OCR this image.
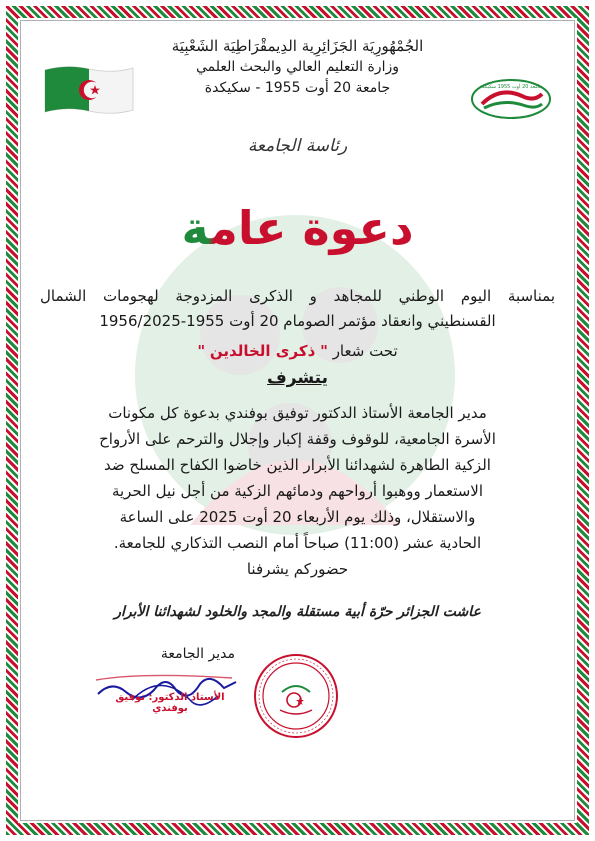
الجُمْهُورِيَة الجَزَائِرِية الدِيمقْرَاطِيَة الشَعْبِيَة
وزارة التعليم العالي والبحث العلمي
جامعة 20 أوت 1955 - سكيكدة	جامعة 20 أوت 1955 سكيكدة
رئاسة الجامعة
دعوة عامة
بمناسبة اليوم الوطني للمجاهد و الذكرى المزدوجة لهجومات الشمال
القسنطيني وانعقاد مؤتمر الصومام 20 أوت 1955-1956/2025
تحت شعار " ذكرى الخالدين "
يتشرف
مدير الجامعة الأستاذ الدكتور توفيق بوفندي بدعوة كل مكونات
الأسرة الجامعية، للوقوف وقفة إكبار وإجلال والترحم على الأرواح
الزكية الطاهرة لشهدائنا الأبرار الذين خاضوا الكفاح المسلح ضد
الاستعمار ووهبوا أرواحهم ودمائهم الزكية من أجل نيل الحرية
والاستقلال، وذلك يوم الأربعاء 20 أوت 2025 على الساعة
الحادية عشر (11:00) صباحاً أمام النصب التذكاري للجامعة.
حضوركم يشرفنا
عاشت الجزائر حرّة أبية مستقلة والمجد والخلود لشهدائنا الأبرار
مدير الجامعة
الأستاذ الدكتور: توفيق بوفندي
